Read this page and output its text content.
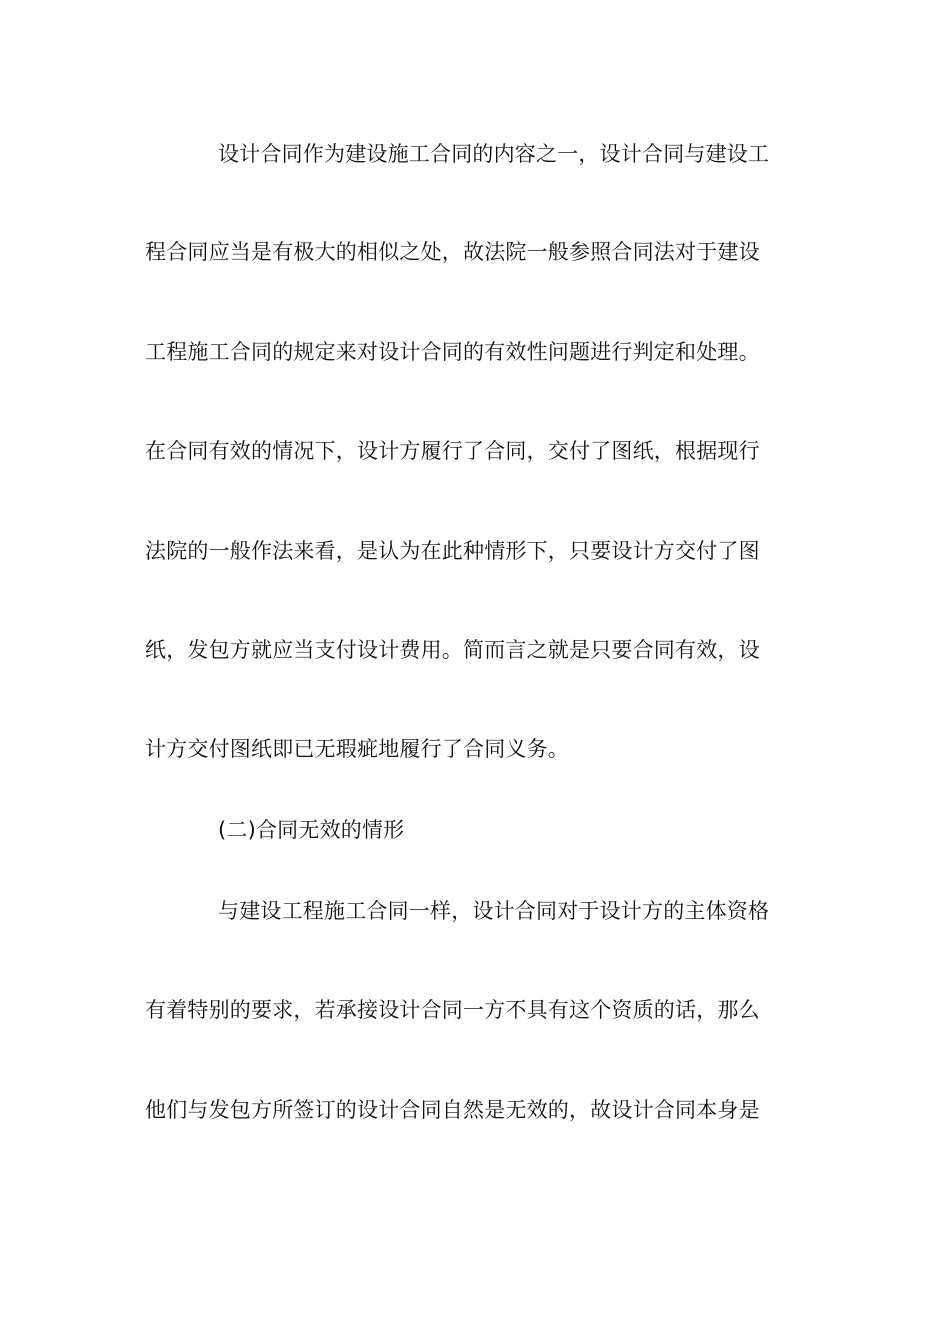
设计合同作为建设施工合同的内容之一，设计合同与建设工
程合同应当是有极大的相似之处，故法院一般参照合同法对于建设
工程施工合同的规定来对设计合同的有效性问题进行判定和处理。
在合同有效的情况下，设计方履行了合同，交付了图纸，根据现行
法院的一般作法来看，是认为在此种情形下，只要设计方交付了图
纸，发包方就应当支付设计费用。简而言之就是只要合同有效，设
计方交付图纸即已无瑕疵地履行了合同义务。
(二)合同无效的情形
与建设工程施工合同一样，设计合同对于设计方的主体资格
有着特别的要求，若承接设计合同一方不具有这个资质的话，那么
他们与发包方所签订的设计合同自然是无效的，故设计合同本身是
